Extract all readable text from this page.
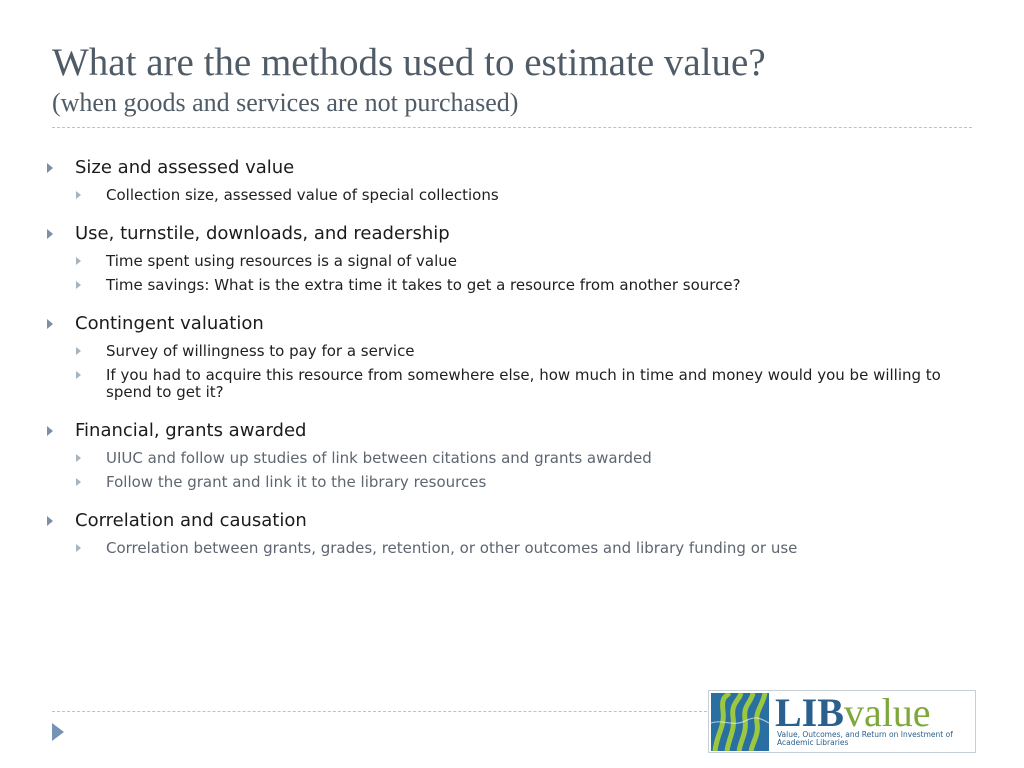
What are the methods used to estimate value?
(when goods and services are not purchased)
Size and assessed value
Collection size, assessed value of special collections
Use, turnstile, downloads, and readership
Time spent using resources is a signal of value
Time savings: What is the extra time it takes to get a resource from another source?
Contingent valuation
Survey of willingness to pay for a service
If you had to acquire this resource from somewhere else, how much in time and money would you be willing to spend to get it?
Financial, grants awarded
UIUC and follow up studies of link between citations and grants awarded
Follow the grant and link it to the library resources
Correlation and causation
Correlation between grants, grades, retention, or other outcomes and library funding or use
LIBvalue
Value, Outcomes, and Return on Investment of Academic Libraries
